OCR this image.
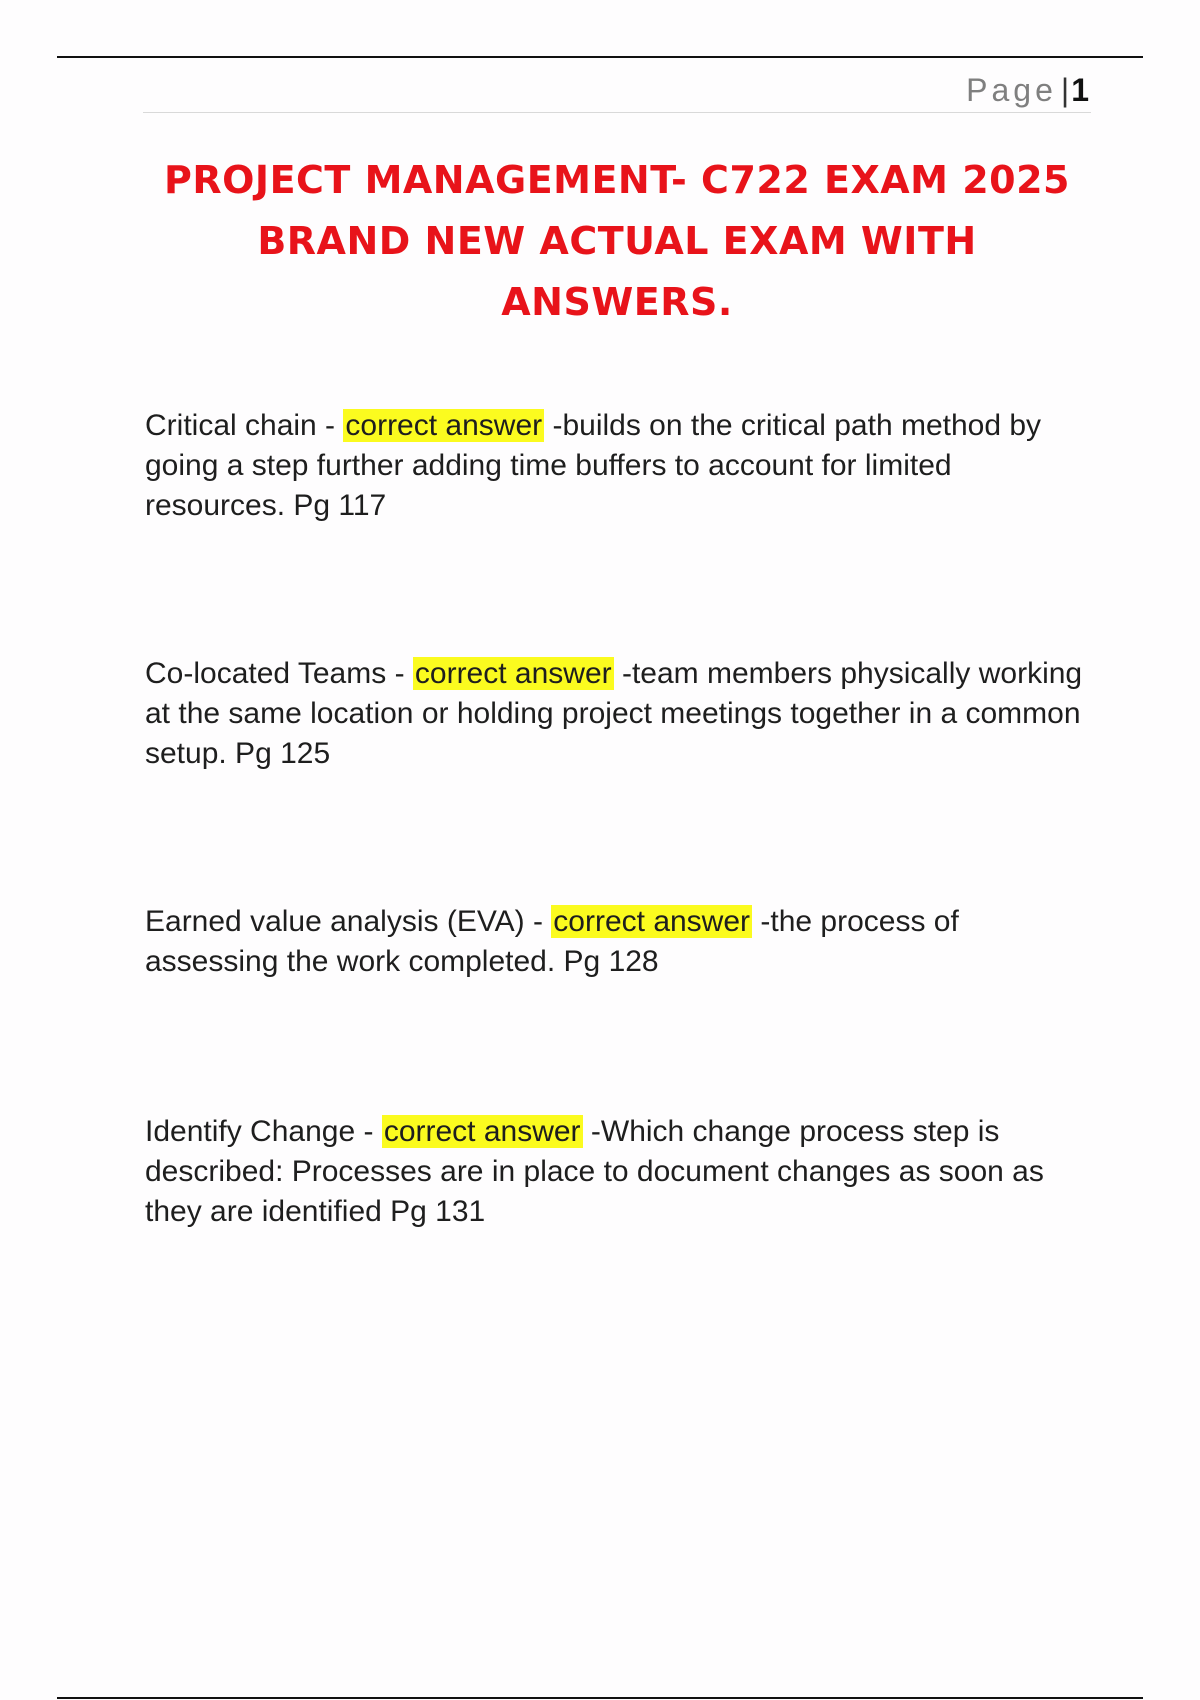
Page |1
PROJECT MANAGEMENT- C722 EXAM 2025 BRAND NEW ACTUAL EXAM WITH ANSWERS.

Critical chain - correct answer -builds on the critical path method by going a step further adding time buffers to account for limited resources. Pg 117

Co-located Teams - correct answer -team members physically working at the same location or holding project meetings together in a common setup. Pg 125

Earned value analysis (EVA) - correct answer -the process of assessing the work completed. Pg 128

Identify Change - correct answer -Which change process step is described: Processes are in place to document changes as soon as they are identified Pg 131
